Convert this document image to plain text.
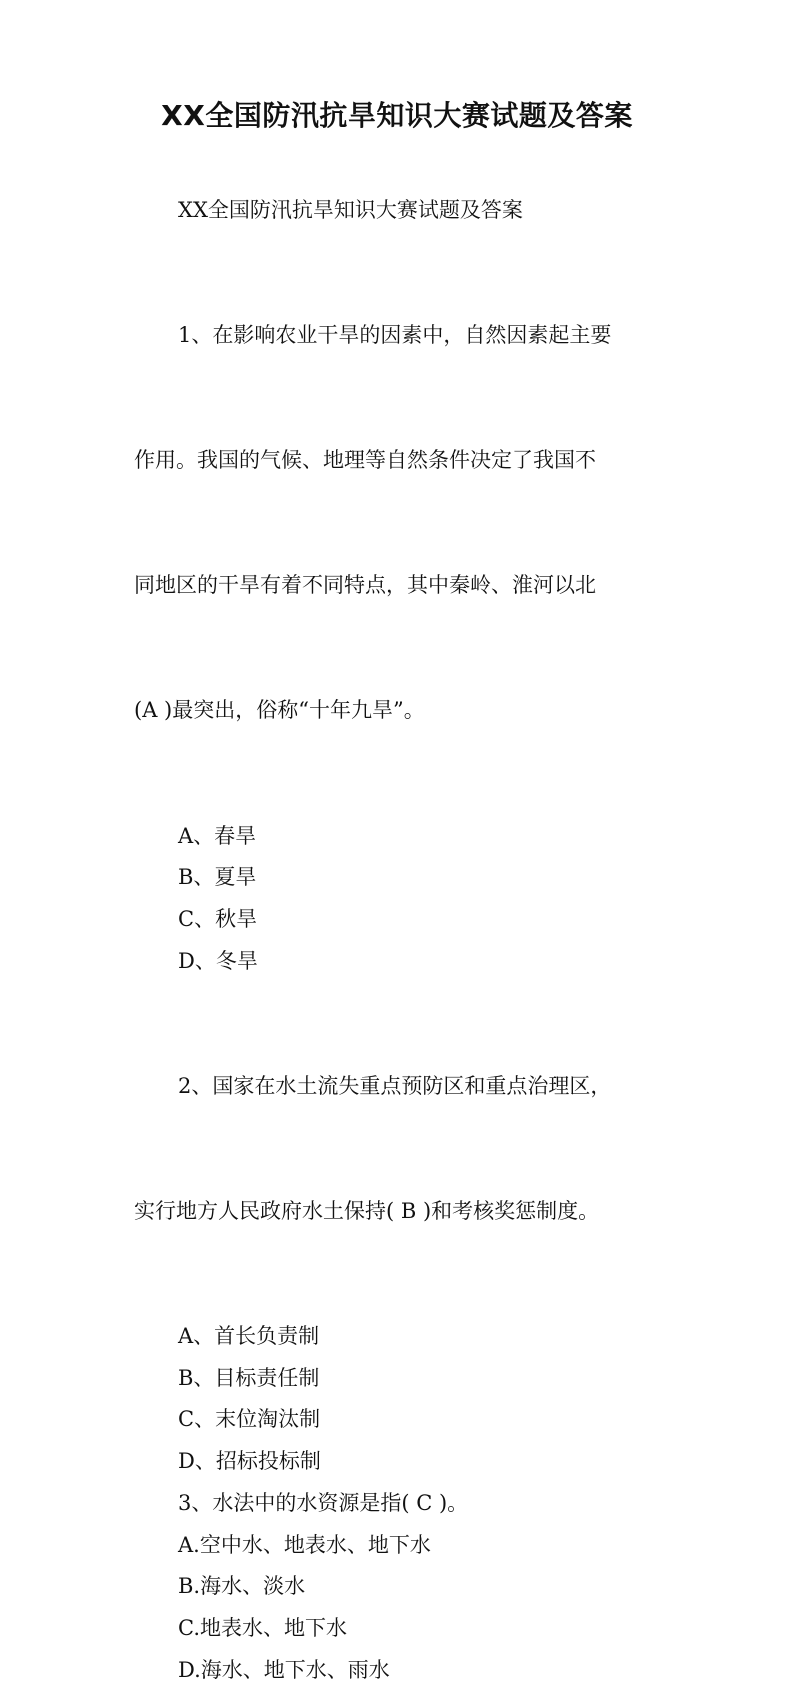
XX全国防汛抗旱知识大赛试题及答案

XX全国防汛抗旱知识大赛试题及答案

1、在影响农业干旱的因素中，自然因素起主要

作用。我国的气候、地理等自然条件决定了我国不

同地区的干旱有着不同特点，其中秦岭、淮河以北

(A )最突出，俗称“十年九旱”。

A、春旱

B、夏旱

C、秋旱

D、冬旱

2、国家在水土流失重点预防区和重点治理区，

实行地方人民政府水土保持( B )和考核奖惩制度。

A、首长负责制

B、目标责任制

C、末位淘汰制

D、招标投标制

3、水法中的水资源是指( C )。

A.空中水、地表水、地下水

B.海水、淡水

C.地表水、地下水

D.海水、地下水、雨水
